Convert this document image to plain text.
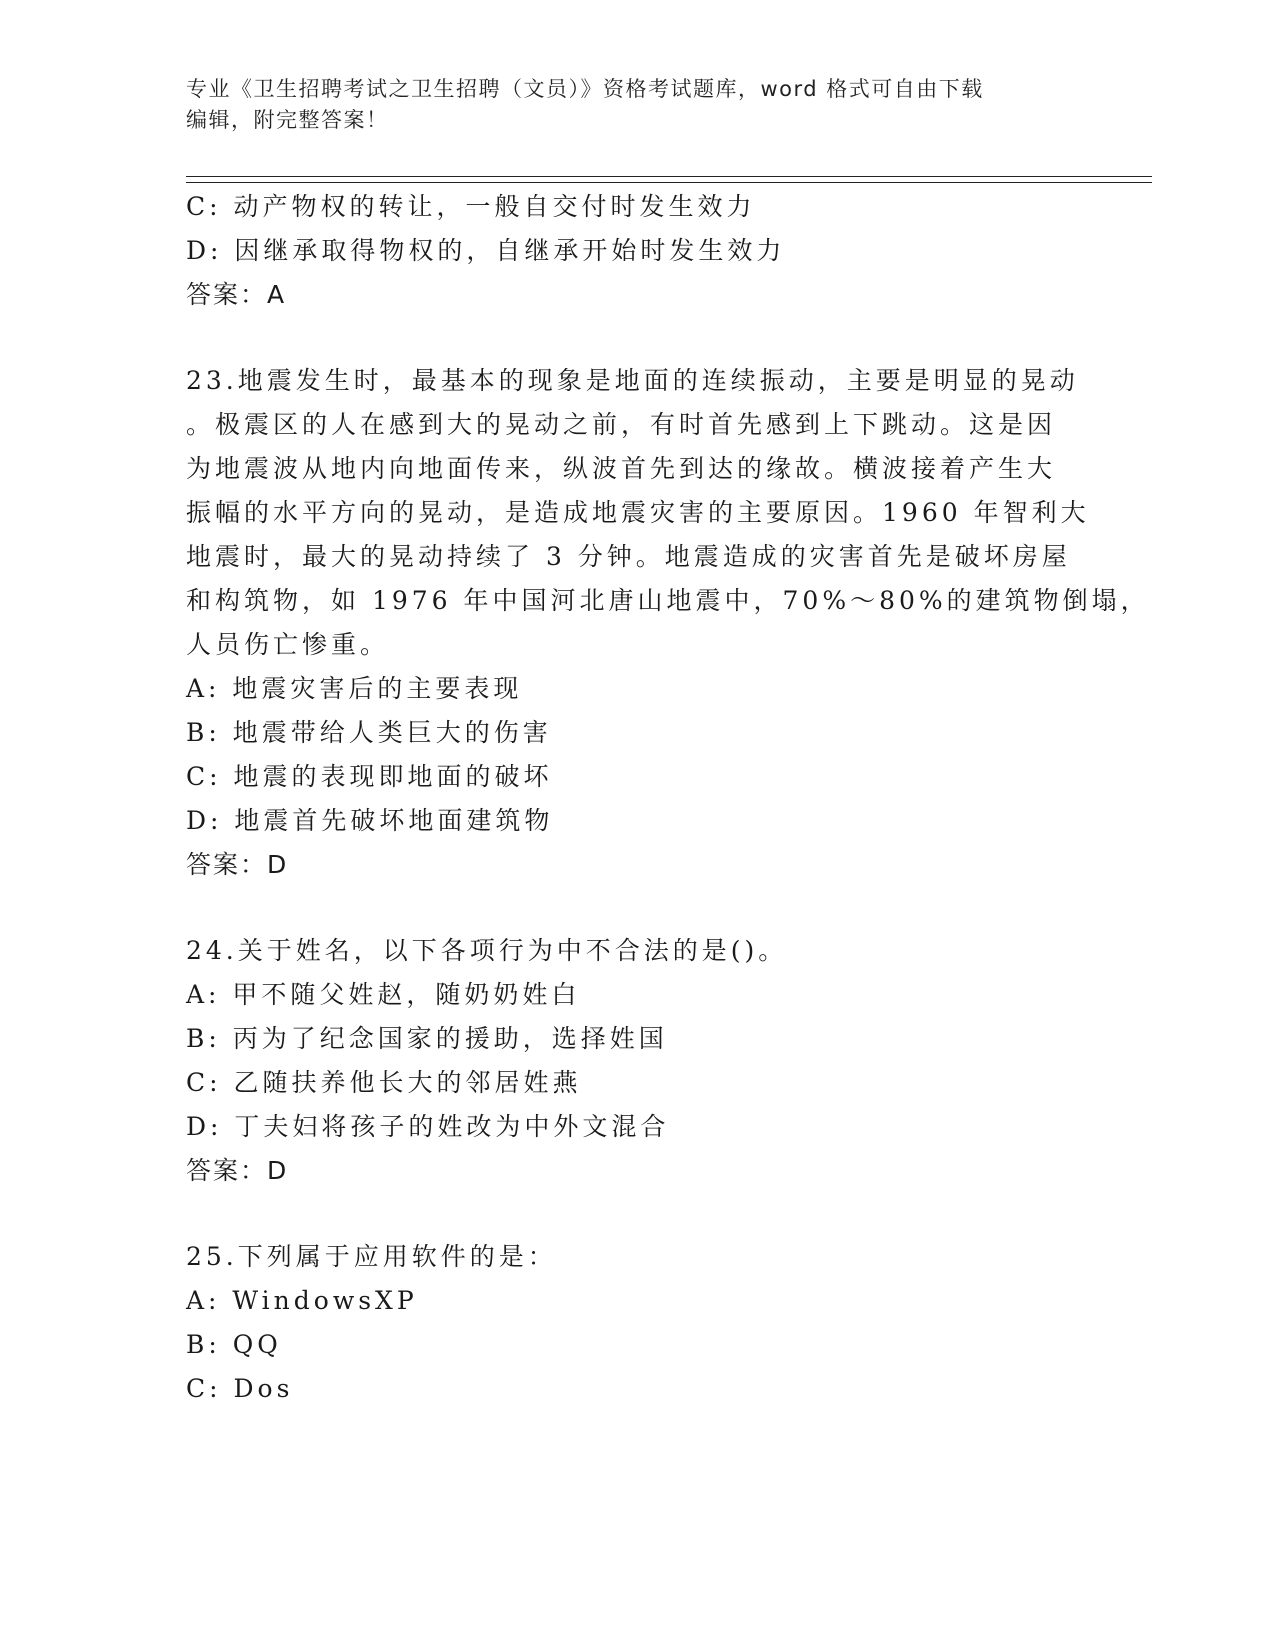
专业《卫生招聘考试之卫生招聘（文员）》资格考试题库，word 格式可自由下载
编辑，附完整答案！
C: 动产物权的转让，一般自交付时发生效力
D: 因继承取得物权的，自继承开始时发生效力
答案：A
23.地震发生时，最基本的现象是地面的连续振动，主要是明显的晃动
。极震区的人在感到大的晃动之前，有时首先感到上下跳动。这是因
为地震波从地内向地面传来，纵波首先到达的缘故。横波接着产生大
振幅的水平方向的晃动，是造成地震灾害的主要原因。1960 年智利大
地震时，最大的晃动持续了 3 分钟。地震造成的灾害首先是破坏房屋
和构筑物，如 1976 年中国河北唐山地震中，70%～80%的建筑物倒塌，
人员伤亡惨重。
A: 地震灾害后的主要表现
B: 地震带给人类巨大的伤害
C: 地震的表现即地面的破坏
D: 地震首先破坏地面建筑物
答案：D
24.关于姓名，以下各项行为中不合法的是()。
A: 甲不随父姓赵，随奶奶姓白
B: 丙为了纪念国家的援助，选择姓国
C: 乙随扶养他长大的邻居姓燕
D: 丁夫妇将孩子的姓改为中外文混合
答案：D
25.下列属于应用软件的是：
A: WindowsXP
B: QQ
C: Dos
